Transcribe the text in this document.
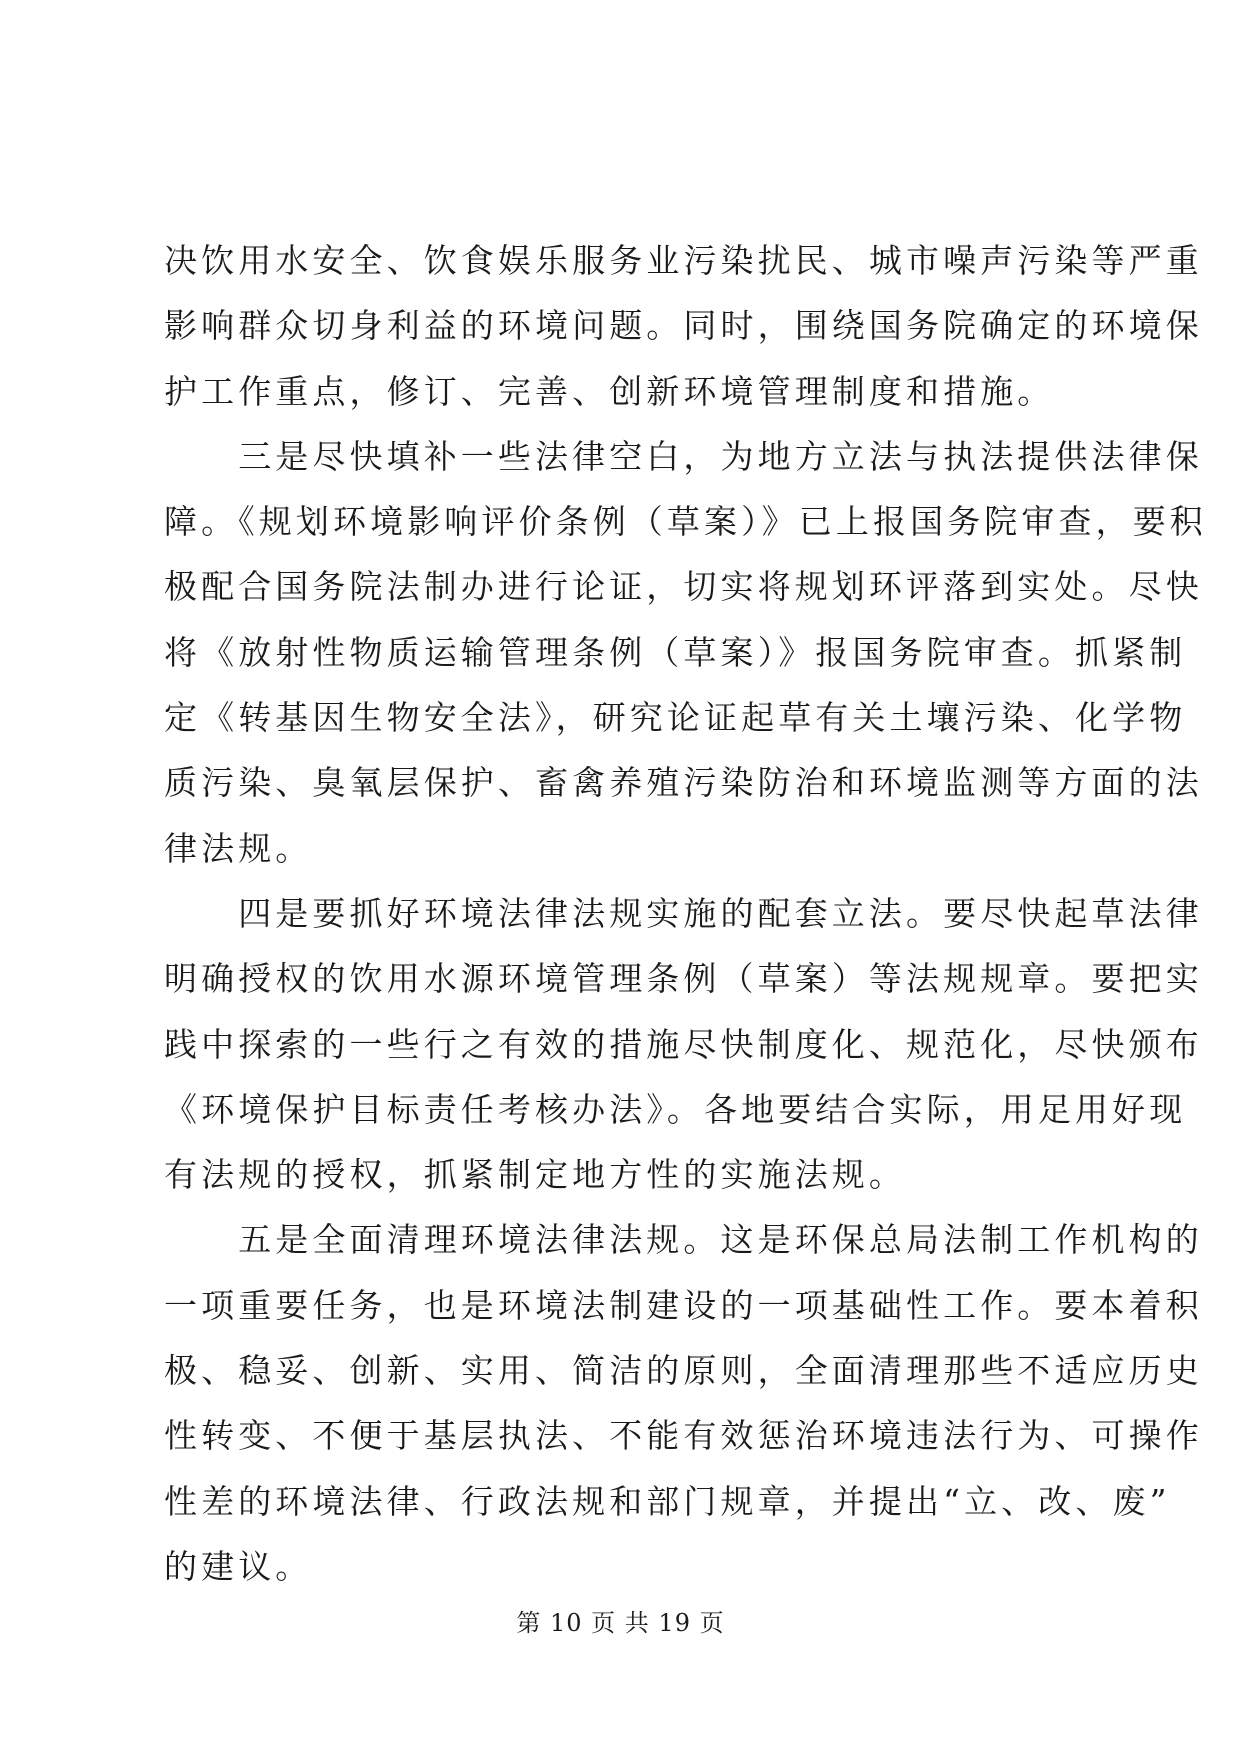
决饮用水安全、饮食娱乐服务业污染扰民、城市噪声污染等严重
影响群众切身利益的环境问题。同时，围绕国务院确定的环境保
护工作重点，修订、完善、创新环境管理制度和措施。
　　三是尽快填补一些法律空白，为地方立法与执法提供法律保
障。《规划环境影响评价条例（草案）》已上报国务院审查，要积
极配合国务院法制办进行论证，切实将规划环评落到实处。尽快
将《放射性物质运输管理条例（草案）》报国务院审查。抓紧制
定《转基因生物安全法》，研究论证起草有关土壤污染、化学物
质污染、臭氧层保护、畜禽养殖污染防治和环境监测等方面的法
律法规。
　　四是要抓好环境法律法规实施的配套立法。要尽快起草法律
明确授权的饮用水源环境管理条例（草案）等法规规章。要把实
践中探索的一些行之有效的措施尽快制度化、规范化，尽快颁布
《环境保护目标责任考核办法》。各地要结合实际，用足用好现
有法规的授权，抓紧制定地方性的实施法规。
　　五是全面清理环境法律法规。这是环保总局法制工作机构的
一项重要任务，也是环境法制建设的一项基础性工作。要本着积
极、稳妥、创新、实用、简洁的原则，全面清理那些不适应历史
性转变、不便于基层执法、不能有效惩治环境违法行为、可操作
性差的环境法律、行政法规和部门规章，并提出“立、改、废”
的建议。
第 10 页 共 19 页
